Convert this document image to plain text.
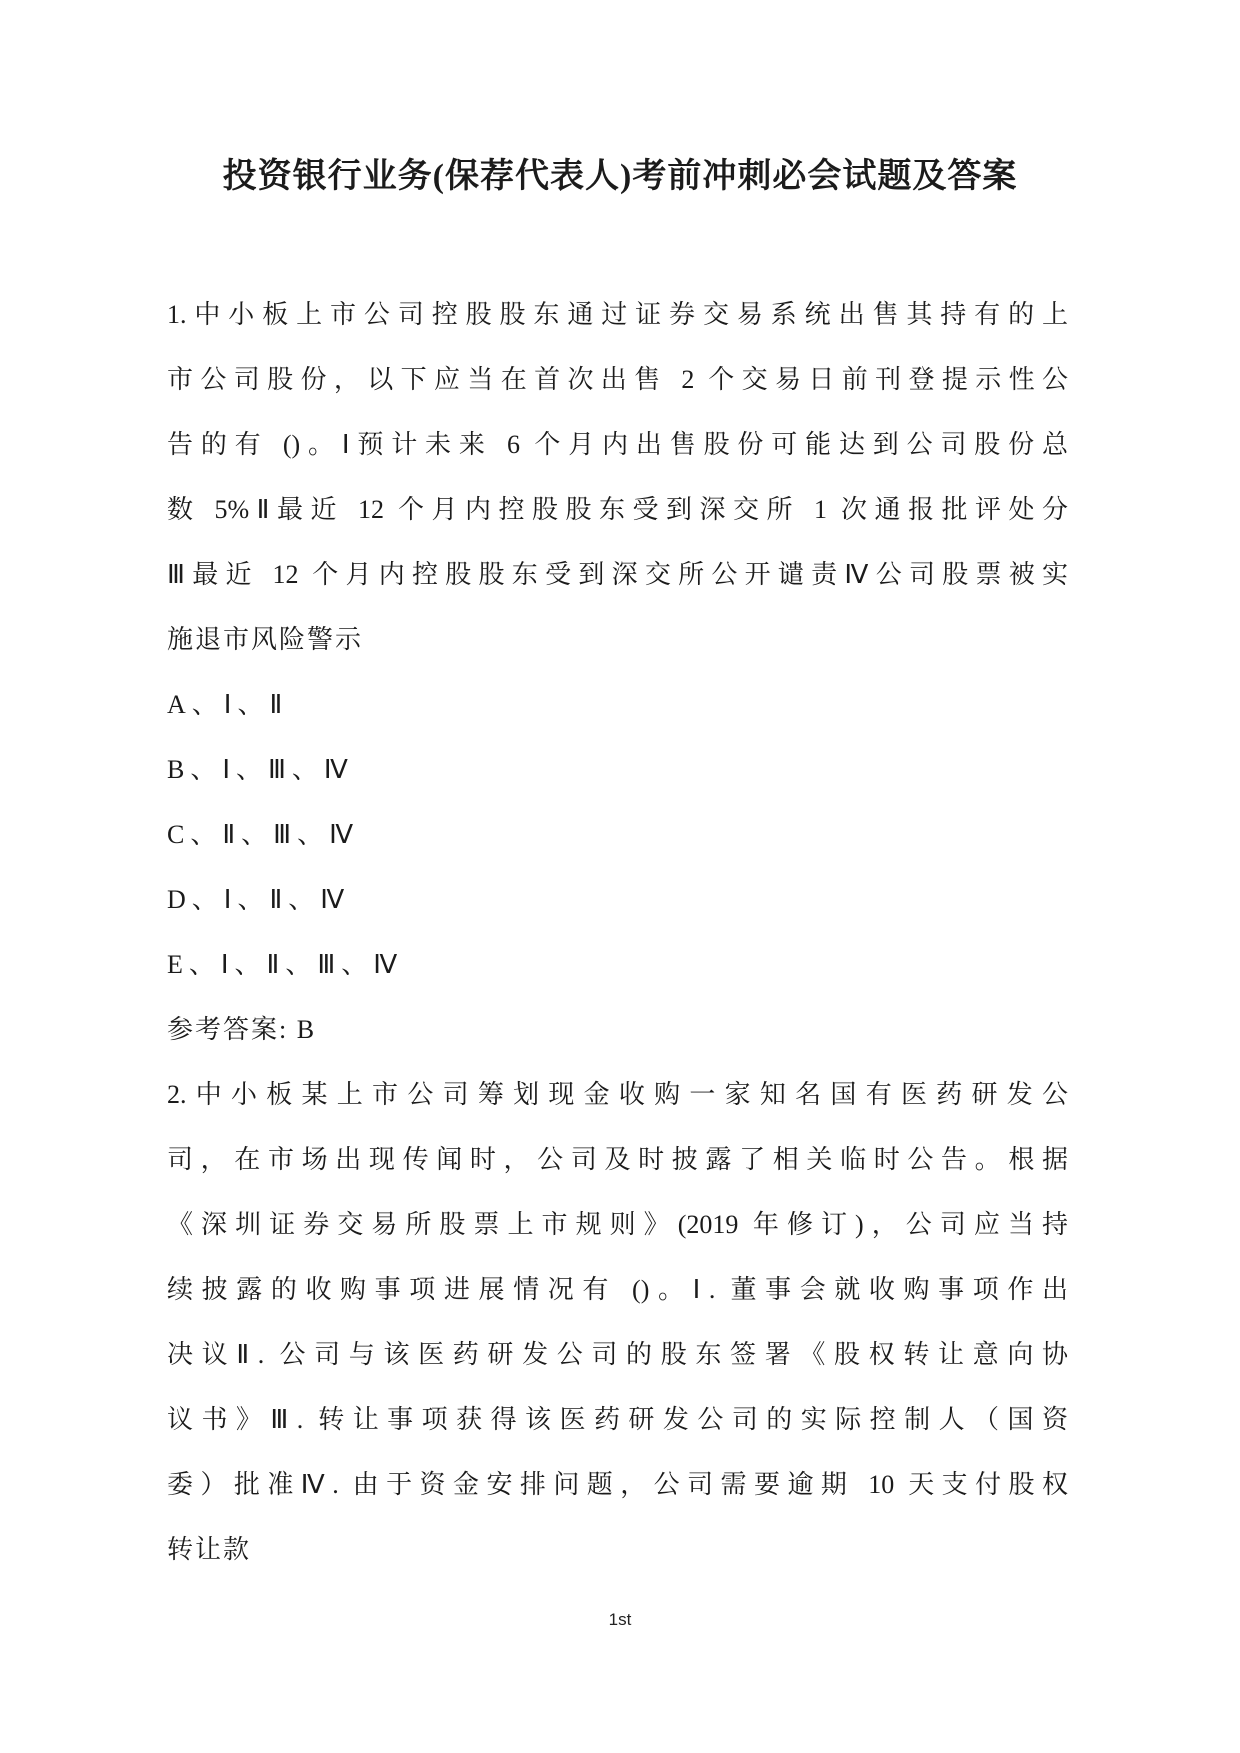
投资银行业务(保荐代表人)考前冲刺必会试题及答案
1.中小板上市公司控股股东通过证券交易系统出售其持有的上
市公司股份，以下应当在首次出售 2 个交易日前刊登提示性公
告的有 ()。Ⅰ预计未来 6 个月内出售股份可能达到公司股份总
数 5%Ⅱ最近 12 个月内控股股东受到深交所 1 次通报批评处分
Ⅲ最近 12 个月内控股股东受到深交所公开谴责Ⅳ公司股票被实
施退市风险警示
A、Ⅰ、Ⅱ
B、Ⅰ、Ⅲ、Ⅳ
C、Ⅱ、Ⅲ、Ⅳ
D、Ⅰ、Ⅱ、Ⅳ
E、Ⅰ、Ⅱ、Ⅲ、Ⅳ
参考答案: B
2.中小板某上市公司筹划现金收购一家知名国有医药研发公
司，在市场出现传闻时，公司及时披露了相关临时公告。根据
《深圳证券交易所股票上市规则》(2019 年修订)，公司应当持
续披露的收购事项进展情况有 ()。Ⅰ. 董事会就收购事项作出
决议Ⅱ. 公司与该医药研发公司的股东签署《股权转让意向协
议书》Ⅲ. 转让事项获得该医药研发公司的实际控制人（国资
委）批准Ⅳ. 由于资金安排问题，公司需要逾期 10 天支付股权
转让款
1st
